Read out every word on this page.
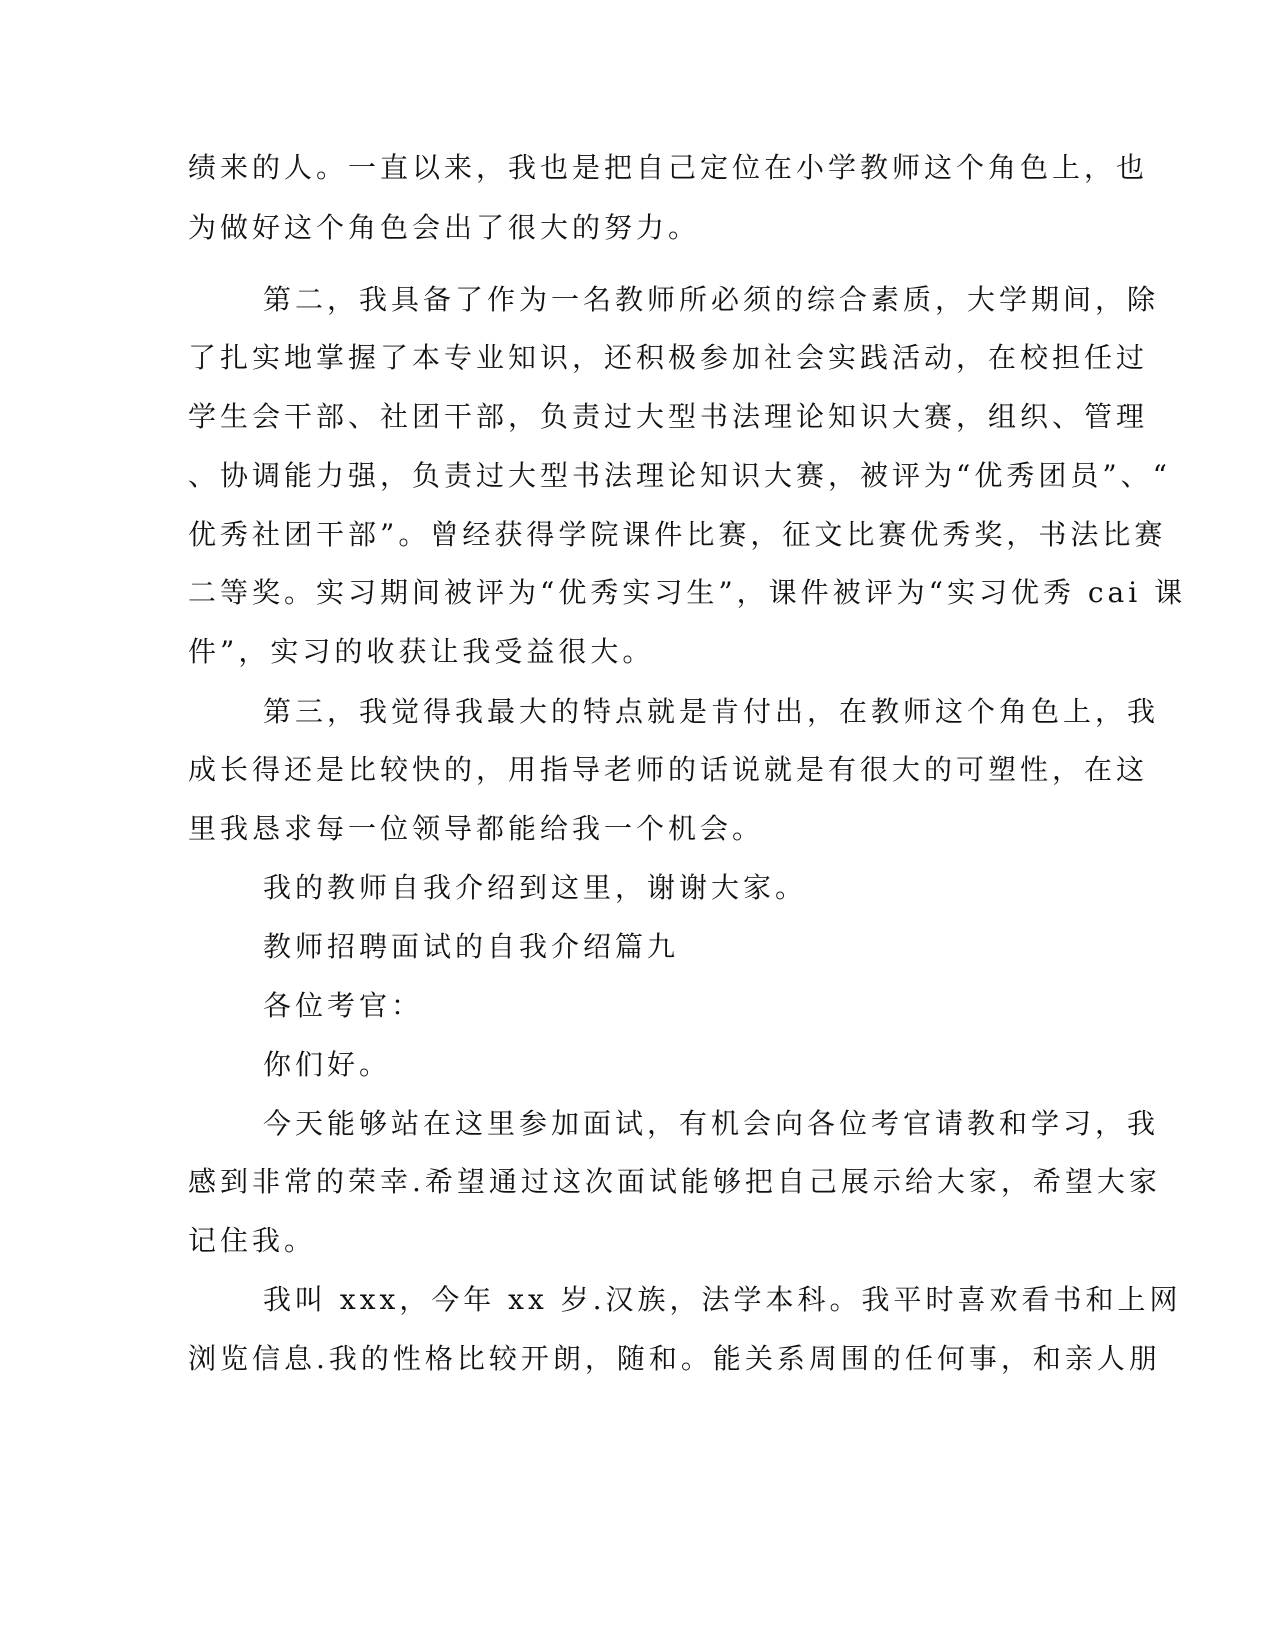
绩来的人。一直以来，我也是把自己定位在小学教师这个角色上，也
为做好这个角色会出了很大的努力。
第二，我具备了作为一名教师所必须的综合素质，大学期间，除
了扎实地掌握了本专业知识，还积极参加社会实践活动，在校担任过
学生会干部、社团干部，负责过大型书法理论知识大赛，组织、管理
、协调能力强，负责过大型书法理论知识大赛，被评为“优秀团员”、“
优秀社团干部”。曾经获得学院课件比赛，征文比赛优秀奖，书法比赛
二等奖。实习期间被评为“优秀实习生”，课件被评为“实习优秀 cai 课
件”，实习的收获让我受益很大。
第三，我觉得我最大的特点就是肯付出，在教师这个角色上，我
成长得还是比较快的，用指导老师的话说就是有很大的可塑性，在这
里我恳求每一位领导都能给我一个机会。
我的教师自我介绍到这里，谢谢大家。
教师招聘面试的自我介绍篇九
各位考官：
你们好。
今天能够站在这里参加面试，有机会向各位考官请教和学习，我
感到非常的荣幸.希望通过这次面试能够把自己展示给大家，希望大家
记住我。
我叫 xxx，今年 xx 岁.汉族，法学本科。我平时喜欢看书和上网
浏览信息.我的性格比较开朗，随和。能关系周围的任何事，和亲人朋
